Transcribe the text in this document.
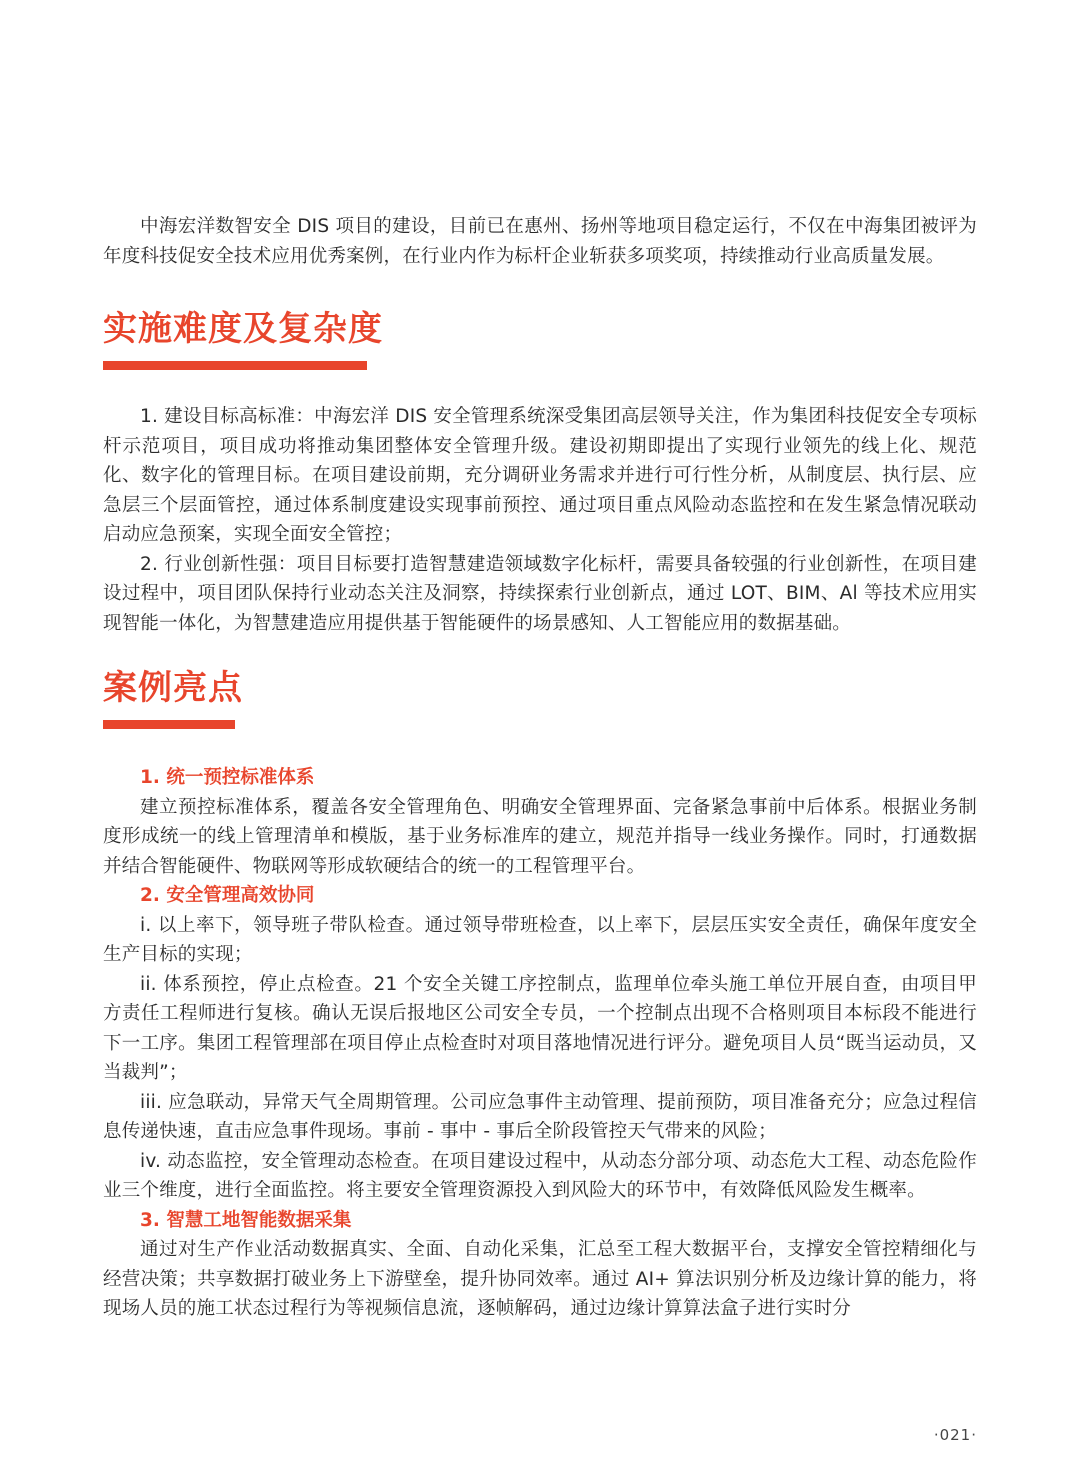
中海宏洋数智安全 DIS 项目的建设，目前已在惠州、扬州等地项目稳定运行，不仅在中海集团被评为年度科技促安全技术应用优秀案例，在行业内作为标杆企业斩获多项奖项，持续推动行业高质量发展。

实施难度及复杂度

1. 建设目标高标准：中海宏洋 DIS 安全管理系统深受集团高层领导关注，作为集团科技促安全专项标杆示范项目，项目成功将推动集团整体安全管理升级。建设初期即提出了实现行业领先的线上化、规范化、数字化的管理目标。在项目建设前期，充分调研业务需求并进行可行性分析，从制度层、执行层、应急层三个层面管控，通过体系制度建设实现事前预控、通过项目重点风险动态监控和在发生紧急情况联动启动应急预案，实现全面安全管控；

2. 行业创新性强：项目目标要打造智慧建造领域数字化标杆，需要具备较强的行业创新性，在项目建设过程中，项目团队保持行业动态关注及洞察，持续探索行业创新点，通过 LOT、BIM、Al 等技术应用实现智能一体化，为智慧建造应用提供基于智能硬件的场景感知、人工智能应用的数据基础。

案例亮点

1. 统一预控标准体系

建立预控标准体系，覆盖各安全管理角色、明确安全管理界面、完备紧急事前中后体系。根据业务制度形成统一的线上管理清单和模版，基于业务标准库的建立，规范并指导一线业务操作。同时，打通数据并结合智能硬件、物联网等形成软硬结合的统一的工程管理平台。

2. 安全管理高效协同

i. 以上率下，领导班子带队检查。通过领导带班检查，以上率下，层层压实安全责任，确保年度安全生产目标的实现；

ii. 体系预控，停止点检查。21 个安全关键工序控制点，监理单位牵头施工单位开展自查，由项目甲方责任工程师进行复核。确认无误后报地区公司安全专员，一个控制点出现不合格则项目本标段不能进行下一工序。集团工程管理部在项目停止点检查时对项目落地情况进行评分。避免项目人员“既当运动员，又当裁判”；

iii. 应急联动，异常天气全周期管理。公司应急事件主动管理、提前预防，项目准备充分；应急过程信息传递快速，直击应急事件现场。事前 - 事中 - 事后全阶段管控天气带来的风险；

iv. 动态监控，安全管理动态检查。在项目建设过程中，从动态分部分项、动态危大工程、动态危险作业三个维度，进行全面监控。将主要安全管理资源投入到风险大的环节中，有效降低风险发生概率。

3. 智慧工地智能数据采集

通过对生产作业活动数据真实、全面、自动化采集，汇总至工程大数据平台，支撑安全管控精细化与经营决策；共享数据打破业务上下游壁垒，提升协同效率。通过 AI+ 算法识别分析及边缘计算的能力，将现场人员的施工状态过程行为等视频信息流，逐帧解码，通过边缘计算算法盒子进行实时分

·021·
